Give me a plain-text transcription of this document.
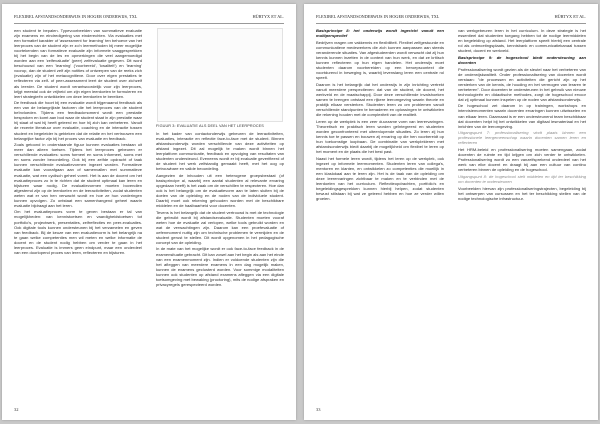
FLEXIBEL AFSTANDSONDERWIJS IN HOGER ONDERWIJS, TXL	HÜRTYX ET AL.

een student te bepalen. Typevoorbeelden van summatieve evaluatie zijn examens en eindredigering van einderechten. Via evaluaties met een formatief karakter of 'assessment for learning' ten behoeve van het leerproces van de student zijn er zo'n leermethoden bij meer mogelijke voortekenden van formatieve evaluatie zijn informele vaaggesprekken bij het begin van de les en opmerkingen die veel aangemoedigd worden aan een 'zelfevaluatie' (peer) zelfevaluatie gegeven. Dit word beschouwd van een 'learning' ('voorbereid', 'kwaliteit') en 'learning' voorop, dan de student zelf zijn notities of ontwerpen van de reeks zich (evaluatie) zijn of het metacognitieve. Door over eigen prestaties te reflecteren via zelf- of peer-assessment leert de student over zichzelf als leerder. De student wordt verantwoordelijk voor zijn leerproces, krijgt meestal ook de vrijheid om zijn eigen leerdoelen te formuleren en leert strategieën ontwikkelen om deze leerdoelen te bereiken.

De feedback die hoort bij een evaluatie wordt bijgenaamd feedback als een van de belangrijkste factoren die het leerproces van de student beïnvloeden. Tijdens een feedbackmoment wordt een prestatie besproken en komt aan bod waar de student staat in zijn prestatie waar hij staat of wat hij heeft geleerd en hoe hij zich kan verbeteren. Vanuit de recente literatuur over evaluatie, coaching en de interactie tussen student en begeleider is gebleken dat de relatie en het vertrouwen een belangrijke factor zijn bij het proces van evaluatie en feedback.

Zoals getoond in onderstaande figuur kunnen evaluaties bestaan uit meer dan alleen toetsen. Tijdens het leerproces gebeuren er verschillende evaluaties: soms formeel en soms informeel, soms met en soms zonder beoordeling. Ook bij een zelfde opdracht of taak kunnen verschillende evaluatievormen ingezet worden. Formatieve evaluatie kan voorafgaan aan of samenvallen met summatieve evaluatie, wat een cyclisch geheel vormt. Het is aan de docent om het evaluatieproces zo in te richten dat de student optimaal kan leren en bijsturen waar nodig. De evaluatievormen moeten bovendien afgestemd zijn op de leerdoelen en de leeractiviteiten, zodat studenten weten wat er van hen verwacht wordt en hoe ze hun vorderingen kunnen opvolgen. Zo ontstaat een samenhangend geheel waarin evaluatie bijdraagt aan het leren.

Om het evaluatieproces vorm te geven bestaan er tal van mogelijkheden: van kennistoetsen en vaardigheidstoetsen tot portfolio's, projectwerk, presentaties, zelfreflecties en peer-evaluaties. Ook digitale tools kunnen ondersteunen bij het verzamelen en geven van feedback. Bij de keuze van een evaluatievorm is het belangrijk na te gaan welke competenties men wil meten en welke informatie de docent en de student nodig hebben om verder te gaan in het leerproces. Evaluatie is immers geen eindpunt, maar een onderdeel van een doorlopend proces van leren, reflecteren en bijsturen.

FIGUUR 3: EVALUATIE ALS DEEL VAN HET LEERPROCES

In het kader van contactonderwijs gebeuren de leeractiviteiten, evaluaties, interactie en reflectie face-to-face met de student. Binnen afstandsonderwijs worden verschillende van deze activiteiten op afstand ingezet. Dit zal mogelijk te maken wordt binnen het leerplatform communicatie, feedback en opvolging van resultaten van studenten ondersteund. Eveneens wordt er bij evaluatie geverifieerd of de student het werk zelfstandig gemaakt heeft, met het oog op betrouwbare en valide beoordeling.

Aangezien de inhouden uit een heterogene groepsbestaat (of basisprincipe al, waarbij een aantal studenten al relevante ervaring opgedaan heeft) is het zaak om de verschillen te respecteren. Hoe dan ook is het belangrijk om de evaluatievorm aan te laten sluiten bij de doelen van de opleiding en de noden van de individuele student. Daarbij moet ook rekening gehouden worden met de beschikbare middelen en de haalbaarheid voor docenten.

Tevens is het belangrijk dat de student vertrouwd is met de technologie die gebruikt wordt bij afstandsevaluatie. Studenten moeten vooraf weten hoe de evaluatie zal verlopen, welke tools gebruikt worden en wat de verwachtingen zijn. Daarom kan een proefevaluatie of oefenmoment nuttig zijn om technische problemen te vermijden en de student gerust te stellen. Dit wordt opgenomen in het pedagogische concept van de opleiding.

In de mate van het mogelijke wordt er ook face-to-face feedback in de examensituatie gebracht. Dit kan zowel aan het begin als aan het einde van een examenmoment zijn. Indien er voldoende studenten zijn die het afleggen van meerdere examens in een dag mogelijk maken, kunnen de examens geclusterd worden. Voor sommige modaliteiten kunnen ook studenten op afstand examens afleggen via een digitale toetsomgeving met bewaking (proctoring), mits de nodige afspraken en privacyregels gerespecteerd worden.

32
FLEXIBEL AFSTANDSONDERWIJS IN HOGER ONDERWIJS, TXL	HÜRTYX ET AL.

Basisprincipe 8: het onderwijs wordt ingericht vanuit een multiperspectief

Bedrijven vragen om vakkennis en flexibiliteit. Flexibel zelfgestuurde en communicatieve medewerkers die zich kunnen aanpassen aan steeds veranderende situaties. Van afgestudeerden wordt verwacht dat zij hun kennis kunnen inzetten in de context van hun werk, en dat ze kritisch kunnen reflecteren op hun eigen handelen. Het onderwijs moet studenten daarom voorbereiden op een beroepscontext die voortdurend in beweging is, waarbij levenslang leren een centrale rol speelt.

Daarom is het belangrijk dat het onderwijs in zijn inrichting vertrekt vanuit meerdere perspectieven: dat van de student, de docent, het werkveld en de maatschappij. Door deze verschillende invalshoeken samen te brengen ontstaat een rijkere leeromgeving waarin theorie en praktijk elkaar versterken. Studenten leren zo om problemen vanuit verschillende standpunten te benaderen en oplossingen te ontwikkelen die rekening houden met de complexiteit van de realiteit.

Leren op de werkplek is een zeer duurzame vorm van leerervaringen. Theoretisch en praktisch leren worden geïntegreerd en studenten worden geconfronteerd met uiteenlopende situaties. Zo leren zij hun kennis toe te passen en bouwen zij ervaring op die hen voorbereidt op hun toekomstige loopbaan. De combinatie van werkplekleren met afstandsonderwijs biedt daarbij de mogelijkheid om flexibel te leren op het moment en de plaats die het best past.

Naast het formele leren wordt, tijdens het leren op de werkplek, ook ingezet op informele leermomenten. Studenten leren van collega's, mentoren en klanten, en ontwikkelen zo competenties die moeilijk in een klaslokaal aan te leren zijn. Het is de taak van de opleiding om deze leerervaringen zichtbaar te maken en te verbinden met de leerdoelen van het curriculum. Reflectieopdrachten, portfolio's en begeleidingsgesprekken kunnen hierbij helpen, zodat studenten bewust stilstaan bij wat ze geleerd hebben en hoe ze verder willen groeien.

van werkgebeuren leren in het curriculum. In deze strategie is het essentieel dat studenten toegang hebben tot de nodige leermiddelen en begeleiding op afstand. Het leerplatform speelt hierbij een centrale rol als ontmoetingsplaats, kennisbank en communicatiekanaal tussen student, docent en werkveld.

Basisprincipe 9: de hogeschool biedt ondersteuning aan docenten

Professionalisering wordt gezien als de sleutel naar het verbeteren van de onderwijskwaliteit. Onder professionalisering van docenten wordt verstaan: "de processen en activiteiten die gericht zijn op het versterken van de kennis, de houding en het vermogen van leraren te verbeteren". Door docenten te ondersteunen in het gebruik van nieuwe technologieën en didactische methodes, zorgt de hogeschool ervoor dat zij optimaal kunnen inspelen op de noden van afstandsonderwijs.

De hogeschool zet daarom in op trainingen, workshops en intervisiemomenten waarin docenten ervaringen kunnen uitwisselen en van elkaar leren. Daarnaast is er een ondersteunend team beschikbaar dat docenten helpt bij het ontwikkelen van digitaal lesmateriaal en het inrichten van de leeromgeving.

Uitgangspunt 7: professionalisering vindt plaats binnen een professionele leergemeenschap waarin docenten samen leren en reflecteren

Het HRM-beleid en professionalisering moeten samengaan, zodat docenten de ruimte en tijd krijgen om zich verder te ontwikkelen. Professionalisering wordt zo een vanzelfsprekend onderdeel van het werk van elke docent en draagt bij aan een cultuur van continu verbeteren binnen de opleiding en de hogeschool.

Uitgangspunt 8: de hogeschool stelt middelen en tijd ter beschikking om docenten te ondersteunen

Voorbeelden hiervan zijn professionaliseringstrajecten, begeleiding bij het ontwerpen van cursussen en het ter beschikking stellen van de nodige technologische infrastructuur.

33
